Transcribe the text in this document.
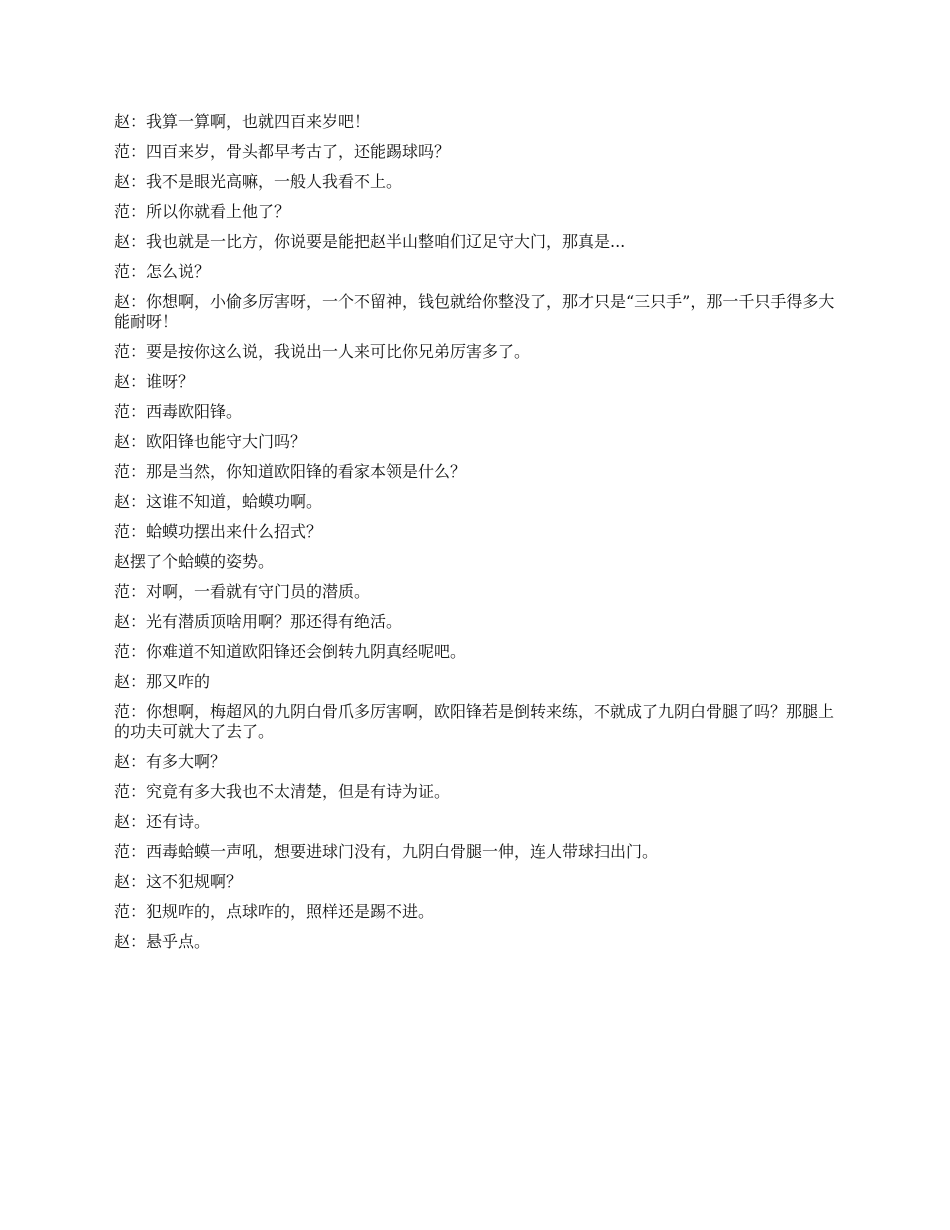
赵：我算一算啊，也就四百来岁吧！

范：四百来岁，骨头都早考古了，还能踢球吗？

赵：我不是眼光高嘛，一般人我看不上。

范：所以你就看上他了？

赵：我也就是一比方，你说要是能把赵半山整咱们辽足守大门，那真是...

范：怎么说？

赵：你想啊，小偷多厉害呀，一个不留神，钱包就给你整没了，那才只是“三只手”，那一千只手得多大能耐呀！

范：要是按你这么说，我说出一人来可比你兄弟厉害多了。

赵：谁呀？

范：西毒欧阳锋。

赵：欧阳锋也能守大门吗？

范：那是当然，你知道欧阳锋的看家本领是什么？

赵：这谁不知道，蛤蟆功啊。

范：蛤蟆功摆出来什么招式？

赵摆了个蛤蟆的姿势。

范：对啊，一看就有守门员的潜质。

赵：光有潜质顶啥用啊？那还得有绝活。

范：你难道不知道欧阳锋还会倒转九阴真经呢吧。

赵：那又咋的

范：你想啊，梅超风的九阴白骨爪多厉害啊，欧阳锋若是倒转来练，不就成了九阴白骨腿了吗？那腿上的功夫可就大了去了。

赵：有多大啊？

范：究竟有多大我也不太清楚，但是有诗为证。

赵：还有诗。

范：西毒蛤蟆一声吼，想要进球门没有，九阴白骨腿一伸，连人带球扫出门。

赵：这不犯规啊？

范：犯规咋的，点球咋的，照样还是踢不进。

赵：悬乎点。
